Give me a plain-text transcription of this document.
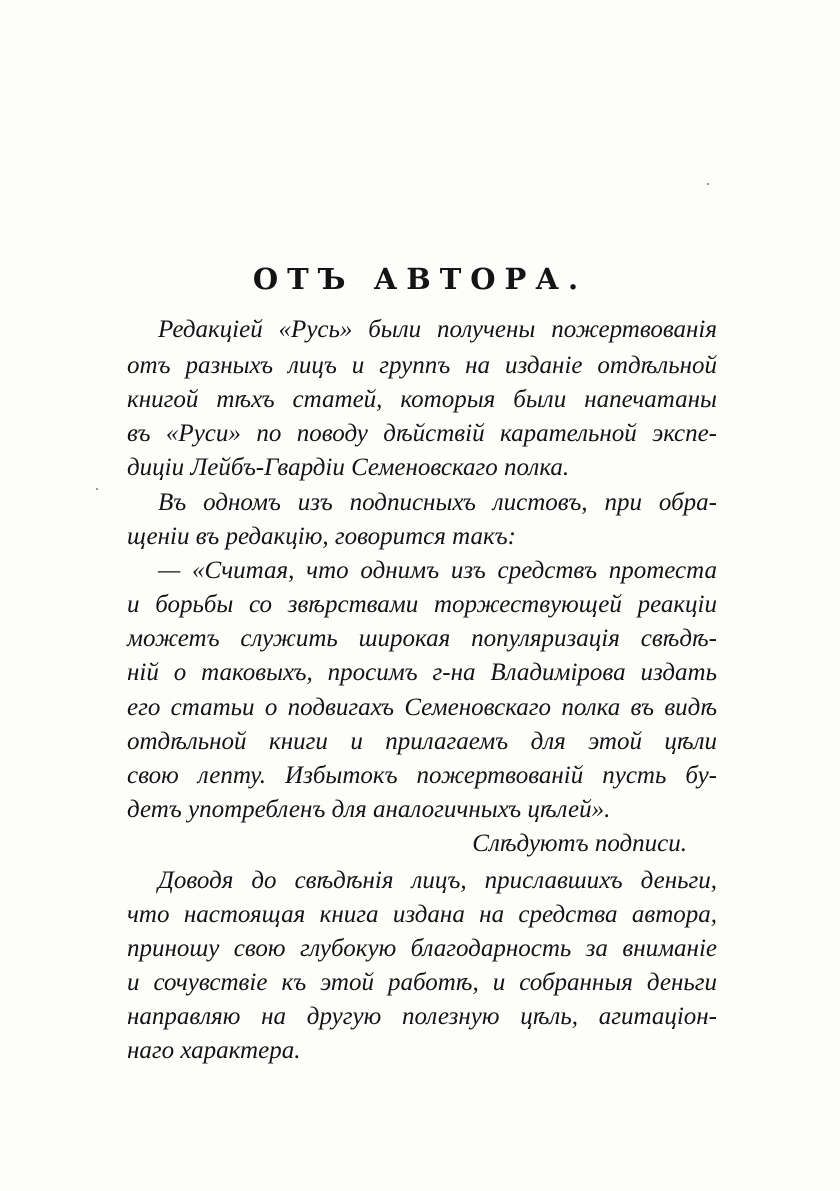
ОТЪ АВТОРА.

Редакціей «Русь» были получены пожертвованія

отъ разныхъ лицъ и группъ на изданіе отдѣльной

книгой тѣхъ статей, которыя были напечатаны

въ «Руси» по поводу дѣйствій карательной экспе-

диціи Лейбъ-Гвардіи Семеновскаго полка.

Въ одномъ изъ подписныхъ листовъ, при обра-

щеніи въ редакцію, говорится такъ:

— «Считая, что однимъ изъ средствъ протеста

и борьбы со звѣрствами торжествующей реакціи

можетъ служить широкая популяризація свѣдѣ-

ній о таковыхъ, просимъ г-на Владимірова издать

его статьи о подвигахъ Семеновскаго полка въ видѣ

отдѣльной книги и прилагаемъ для этой цѣли

свою лепту. Избытокъ пожертвованій пусть бу-

детъ употребленъ для аналогичныхъ цѣлей».

Слѣдуютъ подписи.

Доводя до свѣдѣнія лицъ, приславшихъ деньги,

что настоящая книга издана на средства автора,

приношу свою глубокую благодарность за вниманіе

и сочувствіе къ этой работѣ, и собранныя деньги

направляю на другую полезную цѣль, агитаціон-

наго характера.
